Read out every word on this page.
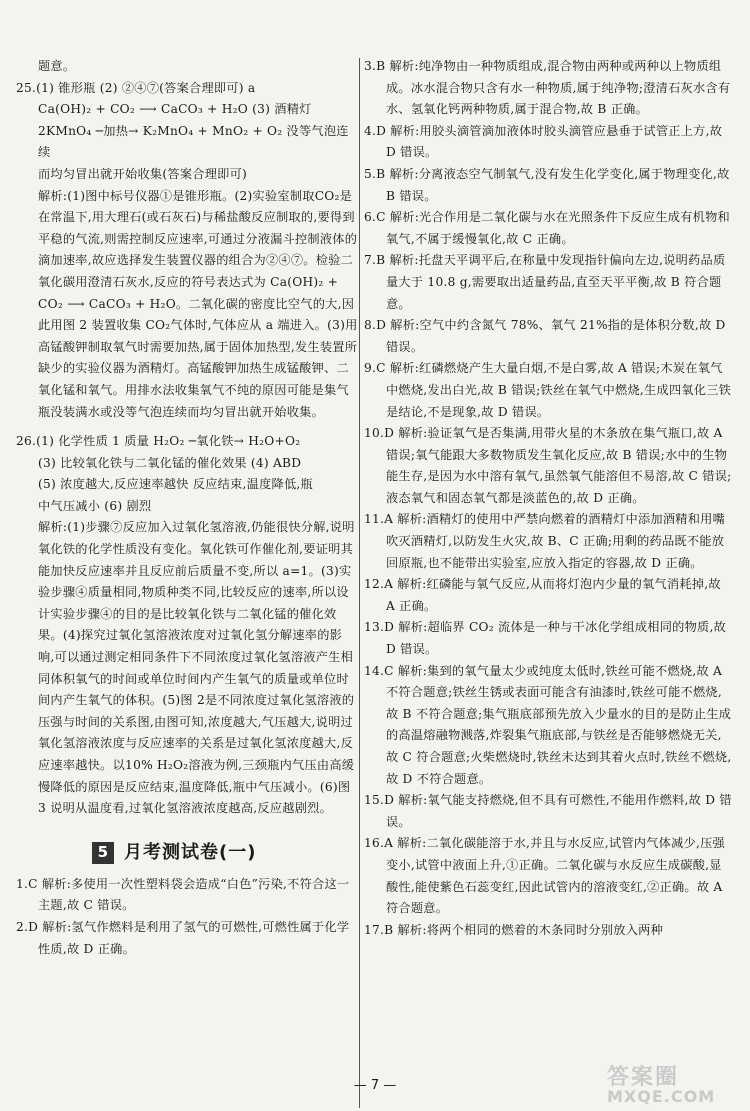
题意。

25.(1) 锥形瓶 (2) ②④⑦(答案合理即可) a

Ca(OH)₂ + CO₂ ⟶ CaCO₃ + H₂O (3) 酒精灯

2KMnO₄ ─加热→ K₂MnO₄ + MnO₂ + O₂ 没等气泡连续

而均匀冒出就开始收集(答案合理即可)

解析:(1)图中标号仪器①是锥形瓶。(2)实验室制取CO₂是在常温下,用大理石(或石灰石)与稀盐酸反应制取的,要得到平稳的气流,则需控制反应速率,可通过分液漏斗控制液体的滴加速率,故应选择发生装置仪器的组合为②④⑦。检验二氧化碳用澄清石灰水,反应的符号表达式为 Ca(OH)₂ + CO₂ ⟶ CaCO₃ + H₂O。二氧化碳的密度比空气的大,因此用图 2 装置收集 CO₂气体时,气体应从 a 端进入。(3)用高锰酸钾制取氧气时需要加热,属于固体加热型,发生装置所缺少的实验仪器为酒精灯。高锰酸钾加热生成锰酸钾、二氧化锰和氧气。用排水法收集氧气不纯的原因可能是集气瓶没装满水或没等气泡连续而均匀冒出就开始收集。

26.(1) 化学性质 1 质量 H₂O₂ ─氧化铁→ H₂O+O₂

(3) 比较氧化铁与二氧化锰的催化效果 (4) ABD

(5) 浓度越大,反应速率越快 反应结束,温度降低,瓶

中气压减小 (6) 剧烈

解析:(1)步骤⑦反应加入过氧化氢溶液,仍能很快分解,说明氧化铁的化学性质没有变化。氧化铁可作催化剂,要证明其能加快反应速率并且反应前后质量不变,所以 a=1。(3)实验步骤④质量相同,物质种类不同,比较反应的速率,所以设计实验步骤④的目的是比较氧化铁与二氧化锰的催化效果。(4)探究过氧化氢溶液浓度对过氧化氢分解速率的影响,可以通过测定相同条件下不同浓度过氧化氢溶液产生相同体积氧气的时间或单位时间内产生氧气的质量或单位时间内产生氧气的体积。(5)图 2是不同浓度过氧化氢溶液的压强与时间的关系图,由图可知,浓度越大,气压越大,说明过氧化氢溶液浓度与反应速率的关系是过氧化氢浓度越大,反应速率越快。以10% H₂O₂溶液为例,三颈瓶内气压由高缓慢降低的原因是反应结束,温度降低,瓶中气压减小。(6)图 3 说明从温度看,过氧化氢溶液浓度越高,反应越剧烈。

5 月考测试卷(一)

1.C 解析:多使用一次性塑料袋会造成“白色”污染,不符合这一主题,故 C 错误。

2.D 解析:氢气作燃料是利用了氢气的可燃性,可燃性属于化学性质,故 D 正确。

3.B 解析:纯净物由一种物质组成,混合物由两种或两种以上物质组成。冰水混合物只含有水一种物质,属于纯净物;澄清石灰水含有水、氢氧化钙两种物质,属于混合物,故 B 正确。

4.D 解析:用胶头滴管滴加液体时胶头滴管应悬垂于试管正上方,故 D 错误。

5.B 解析:分离液态空气制氧气,没有发生化学变化,属于物理变化,故 B 错误。

6.C 解析:光合作用是二氧化碳与水在光照条件下反应生成有机物和氧气,不属于缓慢氧化,故 C 正确。

7.B 解析:托盘天平调平后,在称量中发现指针偏向左边,说明药品质量大于 10.8 g,需要取出适量药品,直至天平平衡,故 B 符合题意。

8.D 解析:空气中约含氮气 78%、氧气 21%指的是体积分数,故 D 错误。

9.C 解析:红磷燃烧产生大量白烟,不是白雾,故 A 错误;木炭在氧气中燃烧,发出白光,故 B 错误;铁丝在氧气中燃烧,生成四氧化三铁是结论,不是现象,故 D 错误。

10.D 解析:验证氧气是否集满,用带火星的木条放在集气瓶口,故 A 错误;氧气能跟大多数物质发生氧化反应,故 B 错误;水中的生物能生存,是因为水中溶有氧气,虽然氧气能溶但不易溶,故 C 错误;液态氧气和固态氧气都是淡蓝色的,故 D 正确。

11.A 解析:酒精灯的使用中严禁向燃着的酒精灯中添加酒精和用嘴吹灭酒精灯,以防发生火灾,故 B、C 正确;用剩的药品既不能放回原瓶,也不能带出实验室,应放入指定的容器,故 D 正确。

12.A 解析:红磷能与氧气反应,从而将灯泡内少量的氧气消耗掉,故 A 正确。

13.D 解析:超临界 CO₂ 流体是一种与干冰化学组成相同的物质,故 D 错误。

14.C 解析:集到的氧气量太少或纯度太低时,铁丝可能不燃烧,故 A 不符合题意;铁丝生锈或表面可能含有油漆时,铁丝可能不燃烧,故 B 不符合题意;集气瓶底部预先放入少量水的目的是防止生成的高温熔融物溅落,炸裂集气瓶底部,与铁丝是否能够燃烧无关,故 C 符合题意;火柴燃烧时,铁丝未达到其着火点时,铁丝不燃烧,故 D 不符合题意。

15.D 解析:氧气能支持燃烧,但不具有可燃性,不能用作燃料,故 D 错误。

16.A 解析:二氧化碳能溶于水,并且与水反应,试管内气体减少,压强变小,试管中液面上升,①正确。二氧化碳与水反应生成碳酸,显酸性,能使紫色石蕊变红,因此试管内的溶液变红,②正确。故 A 符合题意。

17.B 解析:将两个相同的燃着的木条同时分别放入两种

— 7 —	答案圈
MXQE.COM
